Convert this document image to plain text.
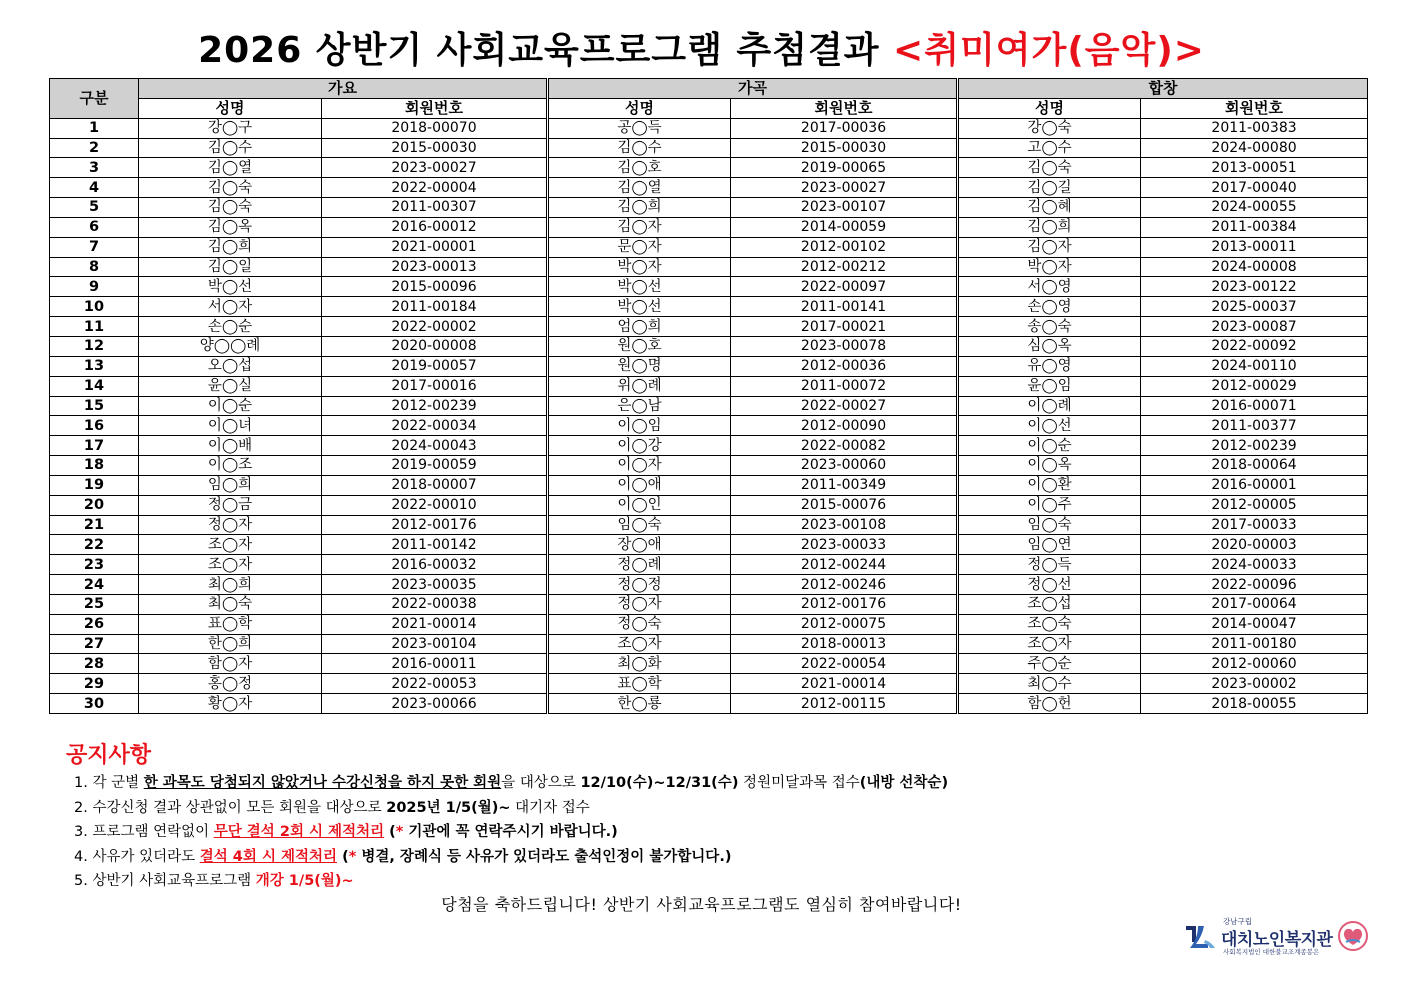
2026 상반기 사회교육프로그램 추첨결과 <취미여가(음악)>
구분	가요		가곡		합창	
	성명	회원번호	성명	회원번호	성명	회원번호
1	강◯구	2018-00070	공◯득	2017-00036	강◯숙	2011-00383
2	김◯수	2015-00030	김◯수	2015-00030	고◯수	2024-00080
3	김◯열	2023-00027	김◯호	2019-00065	김◯숙	2013-00051
4	김◯숙	2022-00004	김◯열	2023-00027	김◯길	2017-00040
5	김◯숙	2011-00307	김◯희	2023-00107	김◯혜	2024-00055
6	김◯옥	2016-00012	김◯자	2014-00059	김◯희	2011-00384
7	김◯희	2021-00001	문◯자	2012-00102	김◯자	2013-00011
8	김◯일	2023-00013	박◯자	2012-00212	박◯자	2024-00008
9	박◯선	2015-00096	박◯선	2022-00097	서◯영	2023-00122
10	서◯자	2011-00184	박◯선	2011-00141	손◯영	2025-00037
11	손◯순	2022-00002	엄◯희	2017-00021	송◯숙	2023-00087
12	양◯◯례	2020-00008	원◯호	2023-00078	심◯옥	2022-00092
13	오◯섭	2019-00057	원◯명	2012-00036	유◯영	2024-00110
14	윤◯실	2017-00016	위◯례	2011-00072	윤◯임	2012-00029
15	이◯순	2012-00239	은◯남	2022-00027	이◯례	2016-00071
16	이◯녀	2022-00034	이◯임	2012-00090	이◯선	2011-00377
17	이◯배	2024-00043	이◯강	2022-00082	이◯순	2012-00239
18	이◯조	2019-00059	이◯자	2023-00060	이◯옥	2018-00064
19	임◯희	2018-00007	이◯애	2011-00349	이◯환	2016-00001
20	정◯금	2022-00010	이◯인	2015-00076	이◯주	2012-00005
21	정◯자	2012-00176	임◯숙	2023-00108	임◯숙	2017-00033
22	조◯자	2011-00142	장◯애	2023-00033	임◯연	2020-00003
23	조◯자	2016-00032	정◯례	2012-00244	정◯득	2024-00033
24	최◯희	2023-00035	정◯정	2012-00246	정◯선	2022-00096
25	최◯숙	2022-00038	정◯자	2012-00176	조◯섭	2017-00064
26	표◯학	2021-00014	정◯숙	2012-00075	조◯숙	2014-00047
27	한◯희	2023-00104	조◯자	2018-00013	조◯자	2011-00180
28	함◯자	2016-00011	최◯화	2022-00054	주◯순	2012-00060
29	홍◯정	2022-00053	표◯학	2021-00014	최◯수	2023-00002
30	황◯자	2023-00066	한◯룡	2012-00115	함◯헌	2018-00055
공지사항
1. 각 군별 한 과목도 당첨되지 않았거나 수강신청을 하지 못한 회원을 대상으로 12/10(수)~12/31(수) 정원미달과목 접수(내방 선착순)
2. 수강신청 결과 상관없이 모든 회원을 대상으로 2025년 1/5(월)~ 대기자 접수
3. 프로그램 연락없이 무단 결석 2회 시 제적처리 (* 기관에 꼭 연락주시기 바랍니다.)
4. 사유가 있더라도 결석 4회 시 제적처리 (* 병결, 장례식 등 사유가 있더라도 출석인정이 불가합니다.)
5. 상반기 사회교육프로그램 개강 1/5(월)~
당첨을 축하드립니다! 상반기 사회교육프로그램도 열심히 참여바랍니다!
강남구립
대치노인복지관
사회복지법인 대한불교조계종봉은
